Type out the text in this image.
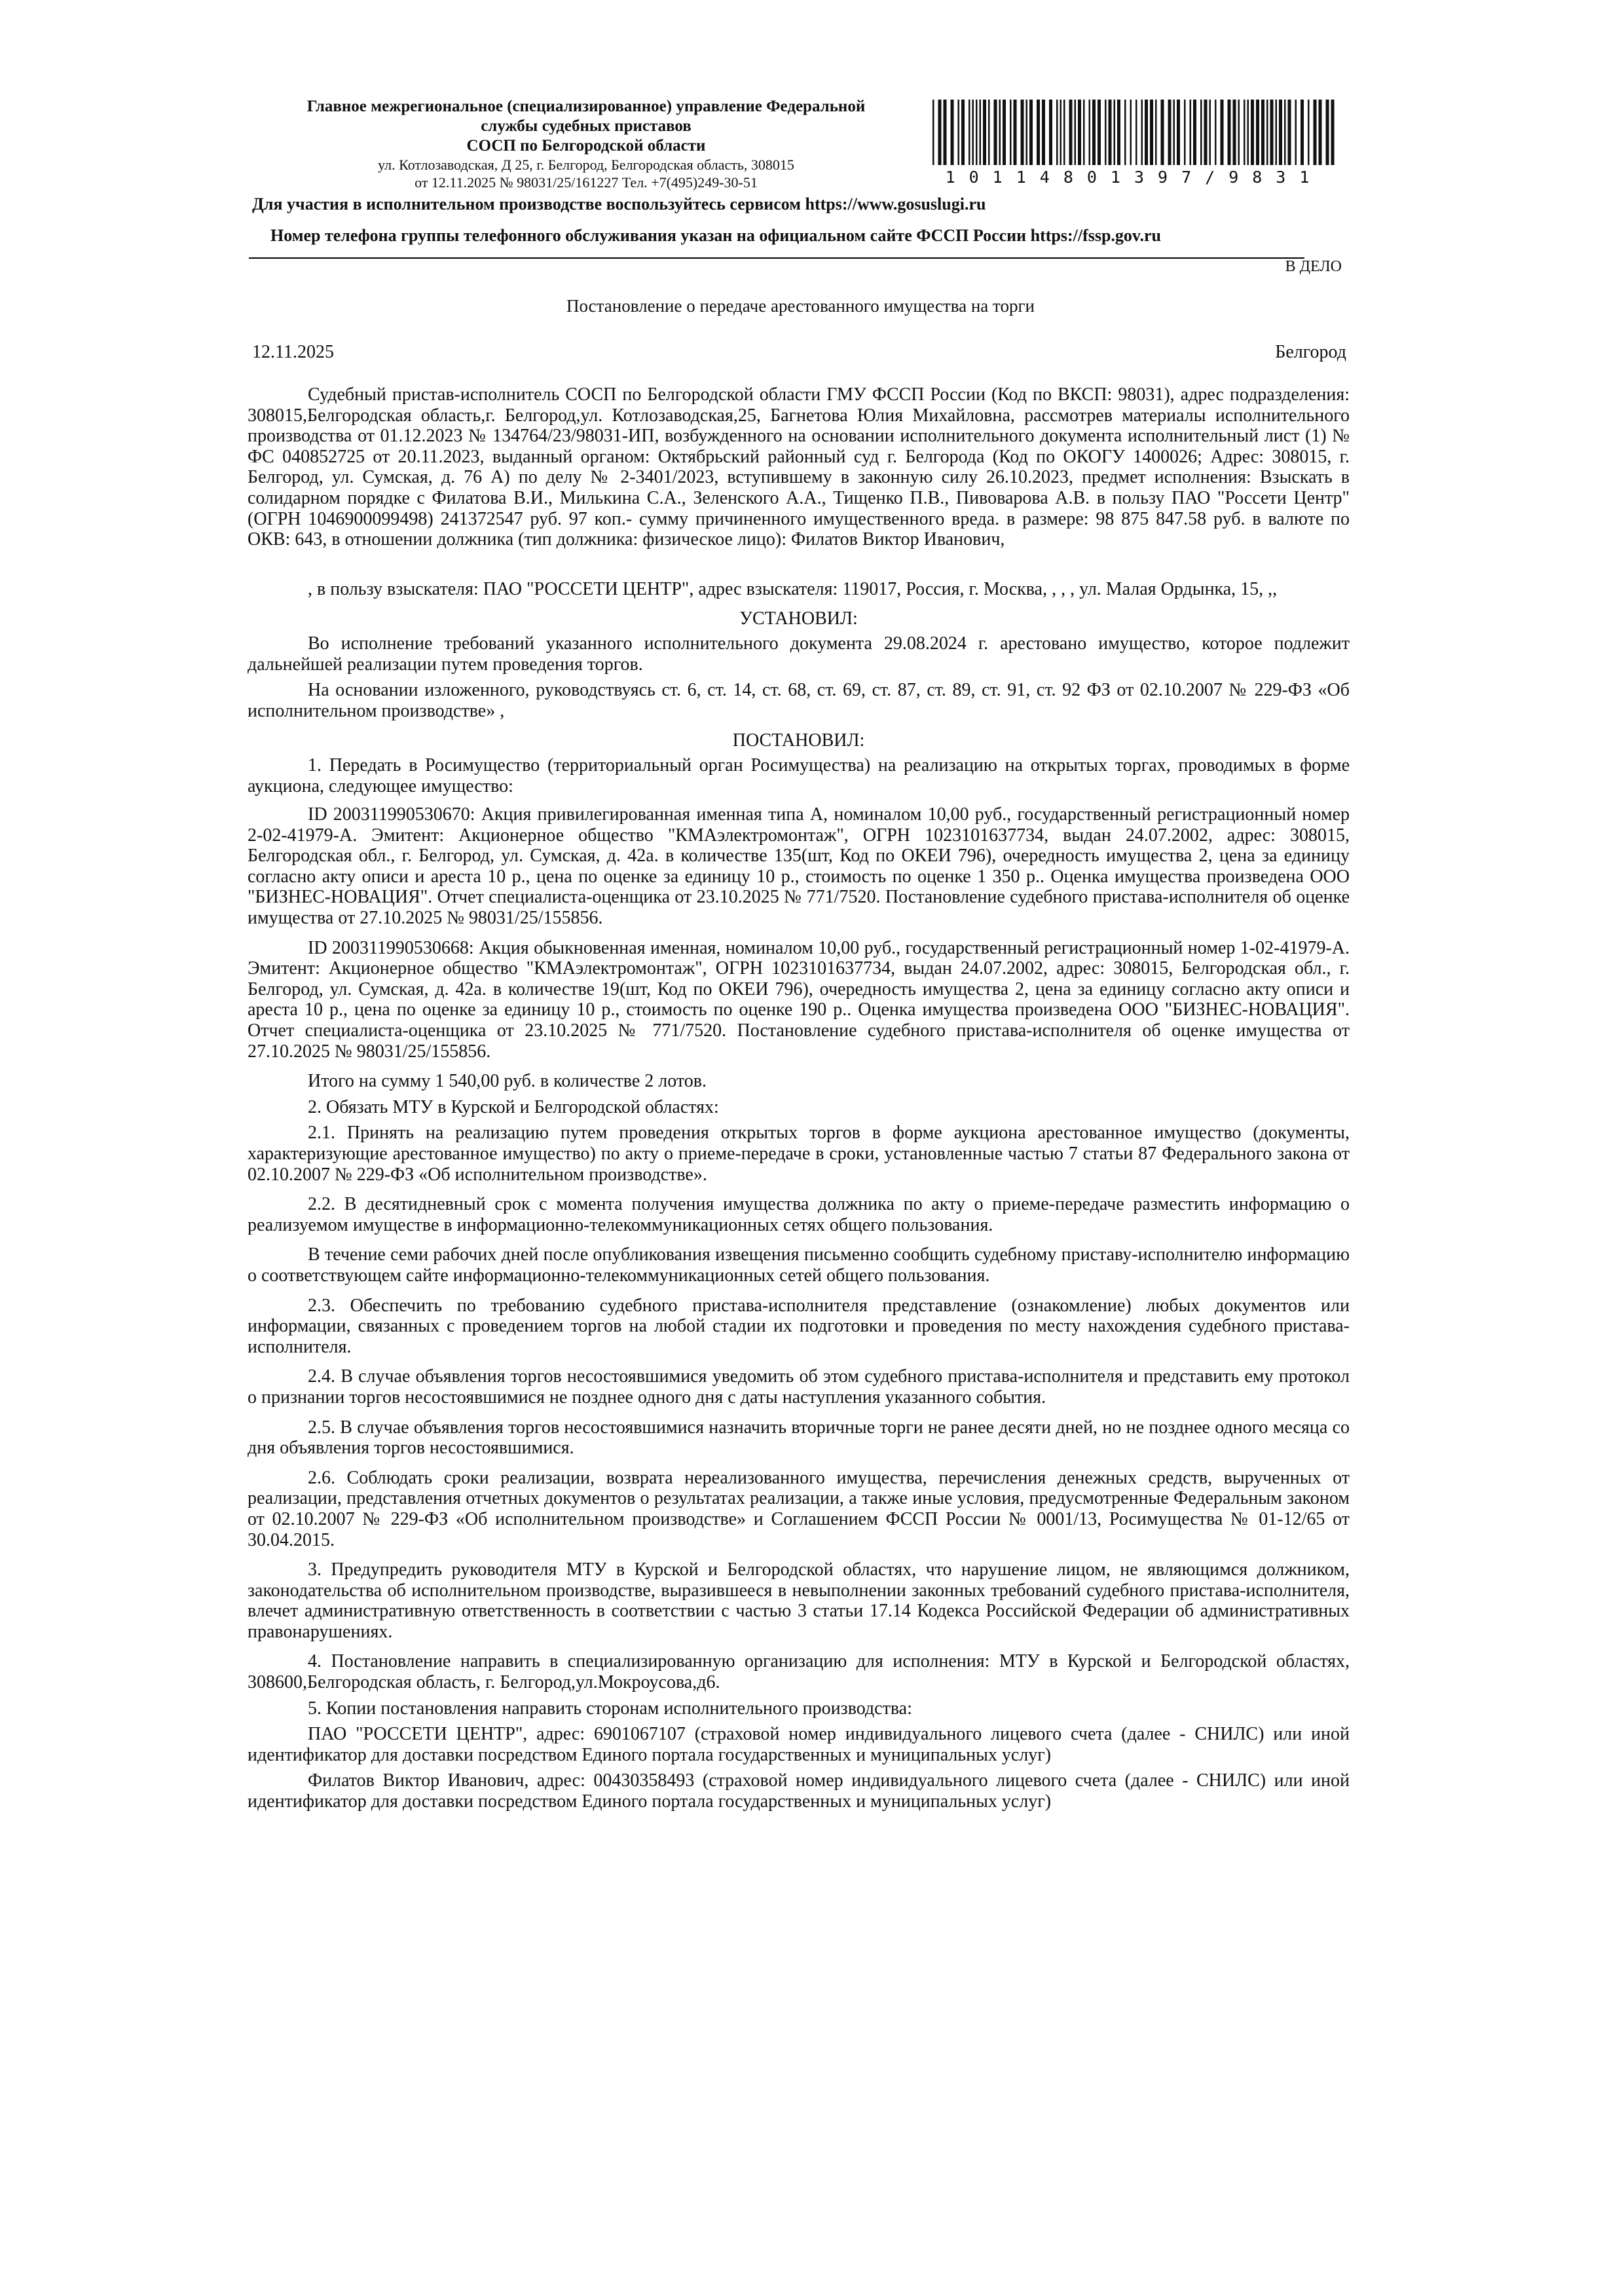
Главное межрегиональное (специализированное) управление Федеральной
службы судебных приставов
СОСП по Белгородской области
ул. Котлозаводская, Д 25, г. Белгород, Белгородская область, 308015
от 12.11.2025 № 98031/25/161227 Тел. +7(495)249-30-51	10114801397/9831
Для участия в исполнительном производстве воспользуйтесь сервисом https://www.gosuslugi.ru
Номер телефона группы телефонного обслуживания указан на официальном сайте ФССП России https://fssp.gov.ru
В ДЕЛО
Постановление о передаче арестованного имущества на торги
12.11.2025	Белгород

Судебный пристав-исполнитель СОСП по Белгородской области ГМУ ФССП России (Код по ВКСП: 98031), адрес подразделения: 308015,Белгородская область,г. Белгород,ул. Котлозаводская,25, Багнетова Юлия Михайловна, рассмотрев материалы исполнительного производства от 01.12.2023 № 134764/23/98031-ИП, возбужденного на основании исполнительного документа исполнительный лист (1) № ФС 040852725 от 20.11.2023, выданный органом: Октябрьский районный суд г. Белгорода (Код по ОКОГУ 1400026; Адрес: 308015, г. Белгород, ул. Сумская, д. 76 А) по делу № 2-3401/2023, вступившему в законную силу 26.10.2023, предмет исполнения: Взыскать в солидарном порядке с Филатова В.И., Милькина С.А., Зеленского А.А., Тищенко П.В., Пивоварова А.В. в пользу ПАО "Россети Центр" (ОГРН 1046900099498) 241372547 руб. 97 коп.- сумму причиненного имущественного вреда. в размере: 98 875 847.58 руб. в валюте по ОКВ: 643, в отношении должника (тип должника: физическое лицо): Филатов Виктор Иванович,

, в пользу взыскателя: ПАО "РОССЕТИ ЦЕНТР", адрес взыскателя: 119017, Россия, г. Москва, , , , ул. Малая Ордынка, 15, ,,

УСТАНОВИЛ:

Во исполнение требований указанного исполнительного документа 29.08.2024 г. арестовано имущество, которое подлежит дальнейшей реализации путем проведения торгов.

На основании изложенного, руководствуясь ст. 6, ст. 14, ст. 68, ст. 69, ст. 87, ст. 89, ст. 91, ст. 92 ФЗ от 02.10.2007 № 229-ФЗ «Об исполнительном производстве» ,

ПОСТАНОВИЛ:

1. Передать в Росимущество (территориальный орган Росимущества) на реализацию на открытых торгах, проводимых в форме аукциона, следующее имущество:

ID 200311990530670: Акция привилегированная именная типа А, номиналом 10,00 руб., государственный регистрационный номер 2-02-41979-А. Эмитент: Акционерное общество "КМАэлектромонтаж", ОГРН 1023101637734, выдан 24.07.2002, адрес: 308015, Белгородская обл., г. Белгород, ул. Сумская, д. 42а. в количестве 135(шт, Код по ОКЕИ 796), очередность имущества 2, цена за единицу согласно акту описи и ареста 10 р., цена по оценке за единицу 10 р., стоимость по оценке 1 350 р.. Оценка имущества произведена ООО "БИЗНЕС-НОВАЦИЯ". Отчет специалиста-оценщика от 23.10.2025 № 771/7520. Постановление судебного пристава-исполнителя об оценке имущества от 27.10.2025 № 98031/25/155856.

ID 200311990530668: Акция обыкновенная именная, номиналом 10,00 руб., государственный регистрационный номер 1-02-41979-А. Эмитент: Акционерное общество "КМАэлектромонтаж", ОГРН 1023101637734, выдан 24.07.2002, адрес: 308015, Белгородская обл., г. Белгород, ул. Сумская, д. 42а. в количестве 19(шт, Код по ОКЕИ 796), очередность имущества 2, цена за единицу согласно акту описи и ареста 10 р., цена по оценке за единицу 10 р., стоимость по оценке 190 р.. Оценка имущества произведена ООО "БИЗНЕС-НОВАЦИЯ". Отчет специалиста-оценщика от 23.10.2025 № 771/7520. Постановление судебного пристава-исполнителя об оценке имущества от 27.10.2025 № 98031/25/155856.

Итого на сумму 1 540,00 руб. в количестве 2 лотов.

2. Обязать МТУ в Курской и Белгородской областях:

2.1. Принять на реализацию путем проведения открытых торгов в форме аукциона арестованное имущество (документы, характеризующие арестованное имущество) по акту о приеме-передаче в сроки, установленные частью 7 статьи 87 Федерального закона от 02.10.2007 № 229-ФЗ «Об исполнительном производстве».

2.2. В десятидневный срок с момента получения имущества должника по акту о приеме-передаче разместить информацию о реализуемом имуществе в информационно-телекоммуникационных сетях общего пользования.

В течение семи рабочих дней после опубликования извещения письменно сообщить судебному приставу-исполнителю информацию о соответствующем сайте информационно-телекоммуникационных сетей общего пользования.

2.3. Обеспечить по требованию судебного пристава-исполнителя представление (ознакомление) любых документов или информации, связанных с проведением торгов на любой стадии их подготовки и проведения по месту нахождения судебного пристава-исполнителя.

2.4. В случае объявления торгов несостоявшимися уведомить об этом судебного пристава-исполнителя и представить ему протокол о признании торгов несостоявшимися не позднее одного дня с даты наступления указанного события.

2.5. В случае объявления торгов несостоявшимися назначить вторичные торги не ранее десяти дней, но не позднее одного месяца со дня объявления торгов несостоявшимися.

2.6. Соблюдать сроки реализации, возврата нереализованного имущества, перечисления денежных средств, вырученных от реализации, представления отчетных документов о результатах реализации, а также иные условия, предусмотренные Федеральным законом от 02.10.2007 № 229-ФЗ «Об исполнительном производстве» и Соглашением ФССП России № 0001/13, Росимущества № 01-12/65 от 30.04.2015.

3. Предупредить руководителя МТУ в Курской и Белгородской областях, что нарушение лицом, не являющимся должником, законодательства об исполнительном производстве, выразившееся в невыполнении законных требований судебного пристава-исполнителя, влечет административную ответственность в соответствии с частью 3 статьи 17.14 Кодекса Российской Федерации об административных правонарушениях.

4. Постановление направить в специализированную организацию для исполнения: МТУ в Курской и Белгородской областях, 308600,Белгородская область, г. Белгород,ул.Мокроусова,д6.

5. Копии постановления направить сторонам исполнительного производства:

ПАО "РОССЕТИ ЦЕНТР", адрес: 6901067107 (страховой номер индивидуального лицевого счета (далее - СНИЛС) или иной идентификатор для доставки посредством Единого портала государственных и муниципальных услуг)

Филатов Виктор Иванович, адрес: 00430358493 (страховой номер индивидуального лицевого счета (далее - СНИЛС) или иной идентификатор для доставки посредством Единого портала государственных и муниципальных услуг)
